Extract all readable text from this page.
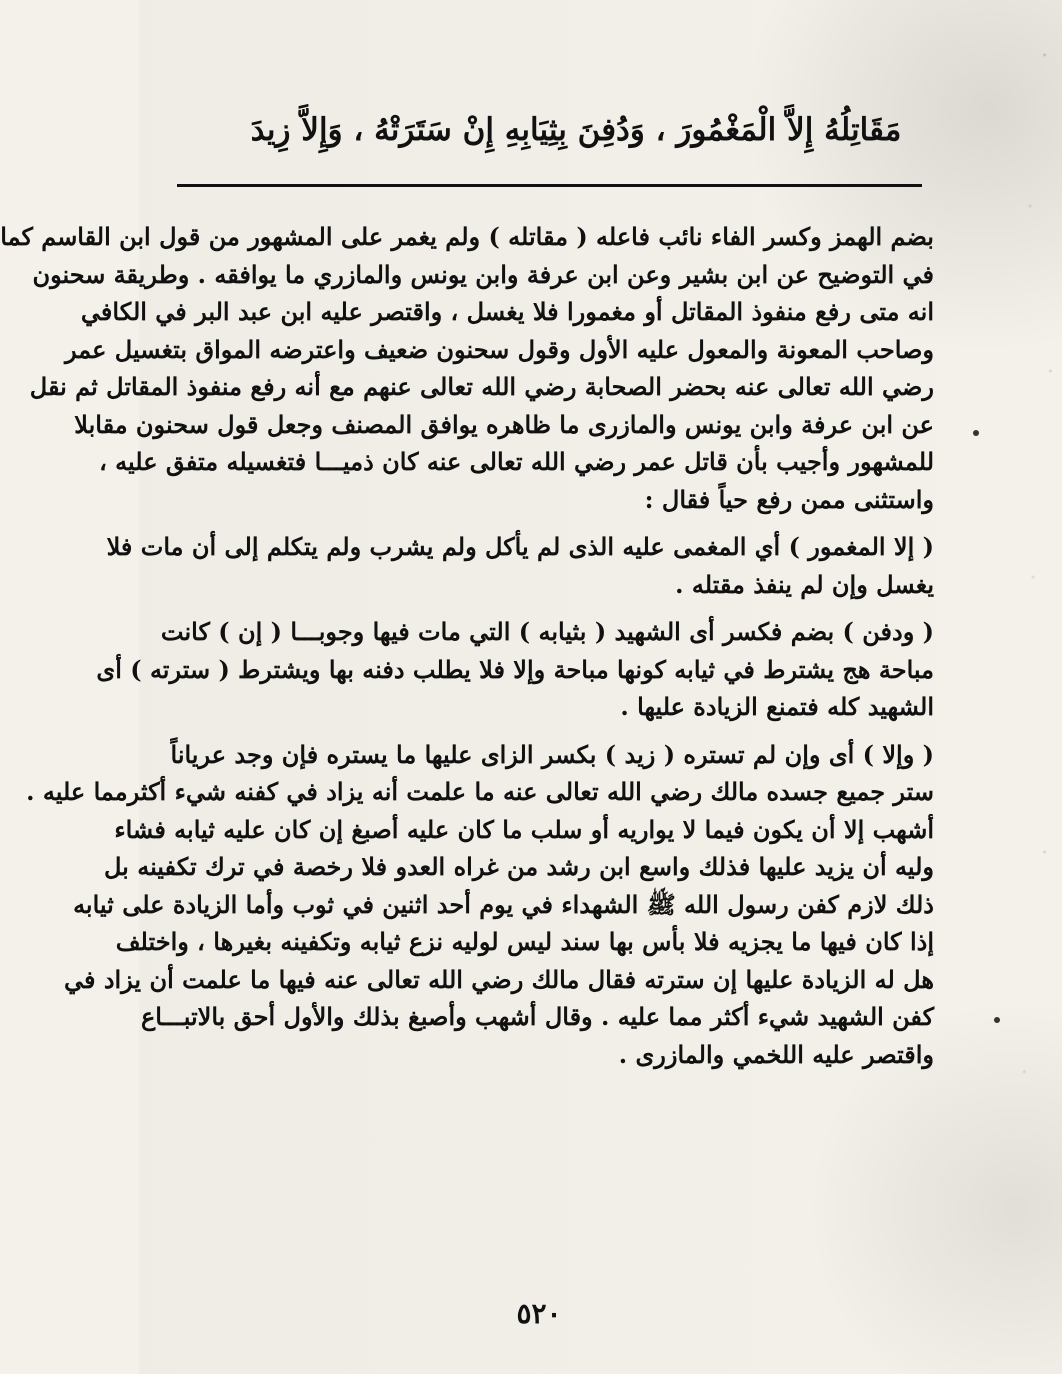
مَقَاتِلُهُ إِلاَّ الْمَغْمُورَ ، وَدُفِنَ بِثِيَابِهِ إِنْ سَتَرَتْهُ ، وَإِلاَّ زِيدَ
بضم الهمز وكسر الفاء نائب فاعله ( مقاتله ) ولم يغمر على المشهور من قول ابن القاسم كما
في التوضيح عن ابن بشير وعن ابن عرفة وابن يونس والمازري ما يوافقه . وطريقة سحنون
انه متى رفع منفوذ المقاتل أو مغمورا فلا يغسل ، واقتصر عليه ابن عبد البر في الكافي
وصاحب المعونة والمعول عليه الأول وقول سحنون ضعيف واعترضه المواق بتغسيل عمر
رضي الله تعالى عنه بحضر الصحابة رضي الله تعالى عنهم مع أنه رفع منفوذ المقاتل ثم نقل
عن ابن عرفة وابن يونس والمازرى ما ظاهره يوافق المصنف وجعل قول سحنون مقابلا
للمشهور وأجيب بأن قاتل عمر رضي الله تعالى عنه كان ذميـــا فتغسيله متفق عليه ،
واستثنى ممن رفع حياً فقال :
( إلا المغمور ) أي المغمى عليه الذى لم يأكل ولم يشرب ولم يتكلم إلى أن مات فلا
يغسل وإن لم ينفذ مقتله .
( ودفن ) بضم فكسر أى الشهيد ( بثيابه ) التي مات فيها وجوبـــا ( إن ) كانت
مباحة هج يشترط في ثيابه كونها مباحة وإلا فلا يطلب دفنه بها ويشترط ( سترته ) أى
الشهيد كله فتمنع الزيادة عليها .
( وإلا ) أى وإن لم تستره ( زيد ) بكسر الزاى عليها ما يستره فإن وجد عرياناً
ستر جميع جسده مالك رضي الله تعالى عنه ما علمت أنه يزاد في كفنه شيء أكثرمما عليه .
أشهب إلا أن يكون فيما لا يواريه أو سلب ما كان عليه أصبغ إن كان عليه ثيابه فشاء
وليه أن يزيد عليها فذلك واسع ابن رشد من غراه العدو فلا رخصة في ترك تكفينه بل
ذلك لازم كفن رسول الله ﷺ الشهداء في يوم أحد اثنين في ثوب وأما الزيادة على ثيابه
إذا كان فيها ما يجزيه فلا بأس بها سند ليس لوليه نزع ثيابه وتكفينه بغيرها ، واختلف
هل له الزيادة عليها إن سترته فقال مالك رضي الله تعالى عنه فيها ما علمت أن يزاد في
كفن الشهيد شيء أكثر مما عليه . وقال أشهب وأصبغ بذلك والأول أحق بالاتبـــاع
واقتصر عليه اللخمي والمازرى .
٥٢٠
